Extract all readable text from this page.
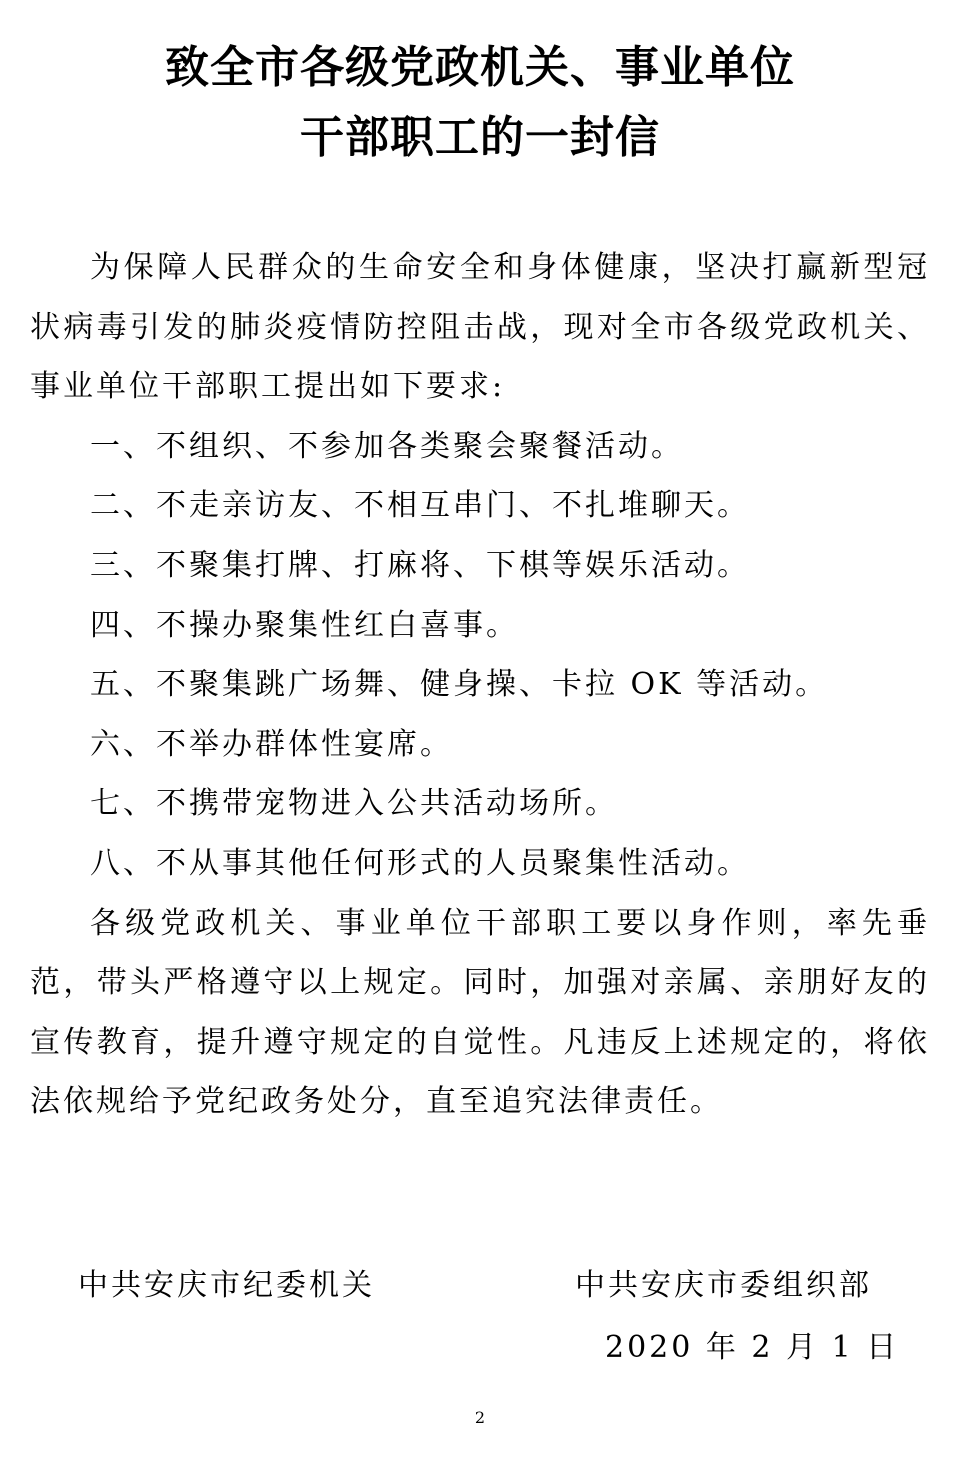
致全市各级党政机关、事业单位
干部职工的一封信

为保障人民群众的生命安全和身体健康，坚决打赢新型冠状病毒引发的肺炎疫情防控阻击战，现对全市各级党政机关、事业单位干部职工提出如下要求:

一、不组织、不参加各类聚会聚餐活动。

二、不走亲访友、不相互串门、不扎堆聊天。

三、不聚集打牌、打麻将、下棋等娱乐活动。

四、不操办聚集性红白喜事。

五、不聚集跳广场舞、健身操、卡拉 OK 等活动。

六、不举办群体性宴席。

七、不携带宠物进入公共活动场所。

八、不从事其他任何形式的人员聚集性活动。

各级党政机关、事业单位干部职工要以身作则，率先垂范，带头严格遵守以上规定。同时，加强对亲属、亲朋好友的宣传教育，提升遵守规定的自觉性。凡违反上述规定的，将依法依规给予党纪政务处分，直至追究法律责任。

中共安庆市纪委机关	中共安庆市委组织部
2020 年 2 月 1 日
2
